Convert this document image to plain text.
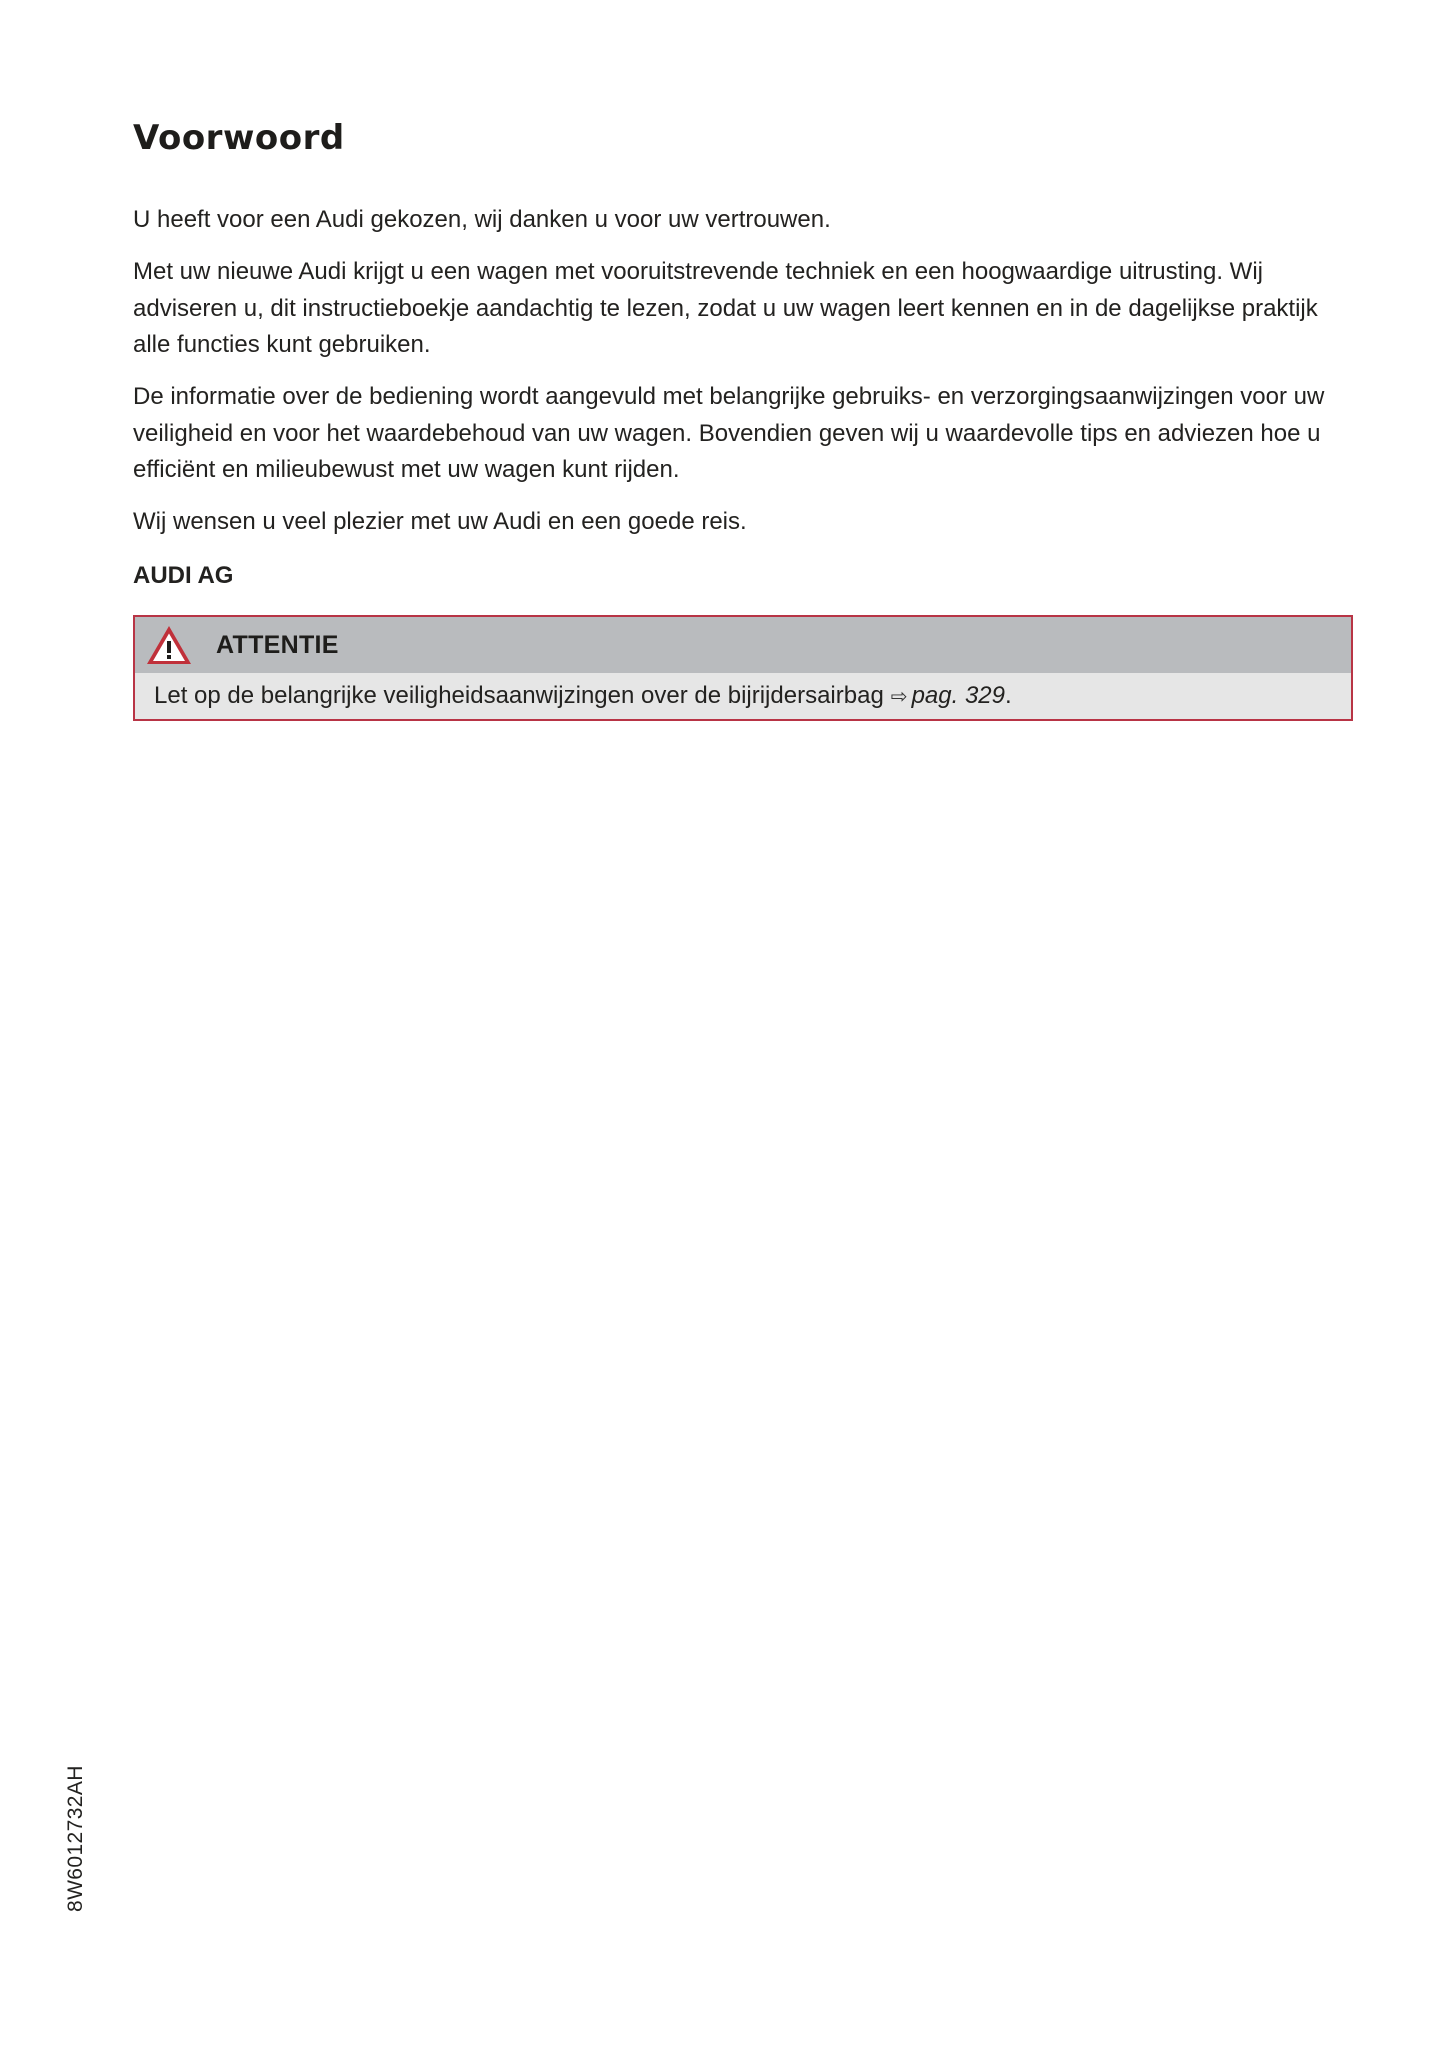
Voorwoord

U heeft voor een Audi gekozen, wij danken u voor uw vertrouwen.

Met uw nieuwe Audi krijgt u een wagen met vooruitstrevende techniek en een hoogwaardige uitrusting. Wij adviseren u, dit instructieboekje aandachtig te lezen, zodat u uw wagen leert kennen en in de dagelijkse praktijk alle functies kunt gebruiken.

De informatie over de bediening wordt aangevuld met belangrijke gebruiks- en verzorgingsaanwijzingen voor uw veiligheid en voor het waardebehoud van uw wagen. Bovendien geven wij u waardevolle tips en adviezen hoe u efficiënt en milieubewust met uw wagen kunt rijden.

Wij wensen u veel plezier met uw Audi en een goede reis.

AUDI AG

ATTENTIE
Let op de belangrijke veiligheidsaanwijzingen over de bijrijdersairbag ⇨ pag. 329 .
8W6012732AH
